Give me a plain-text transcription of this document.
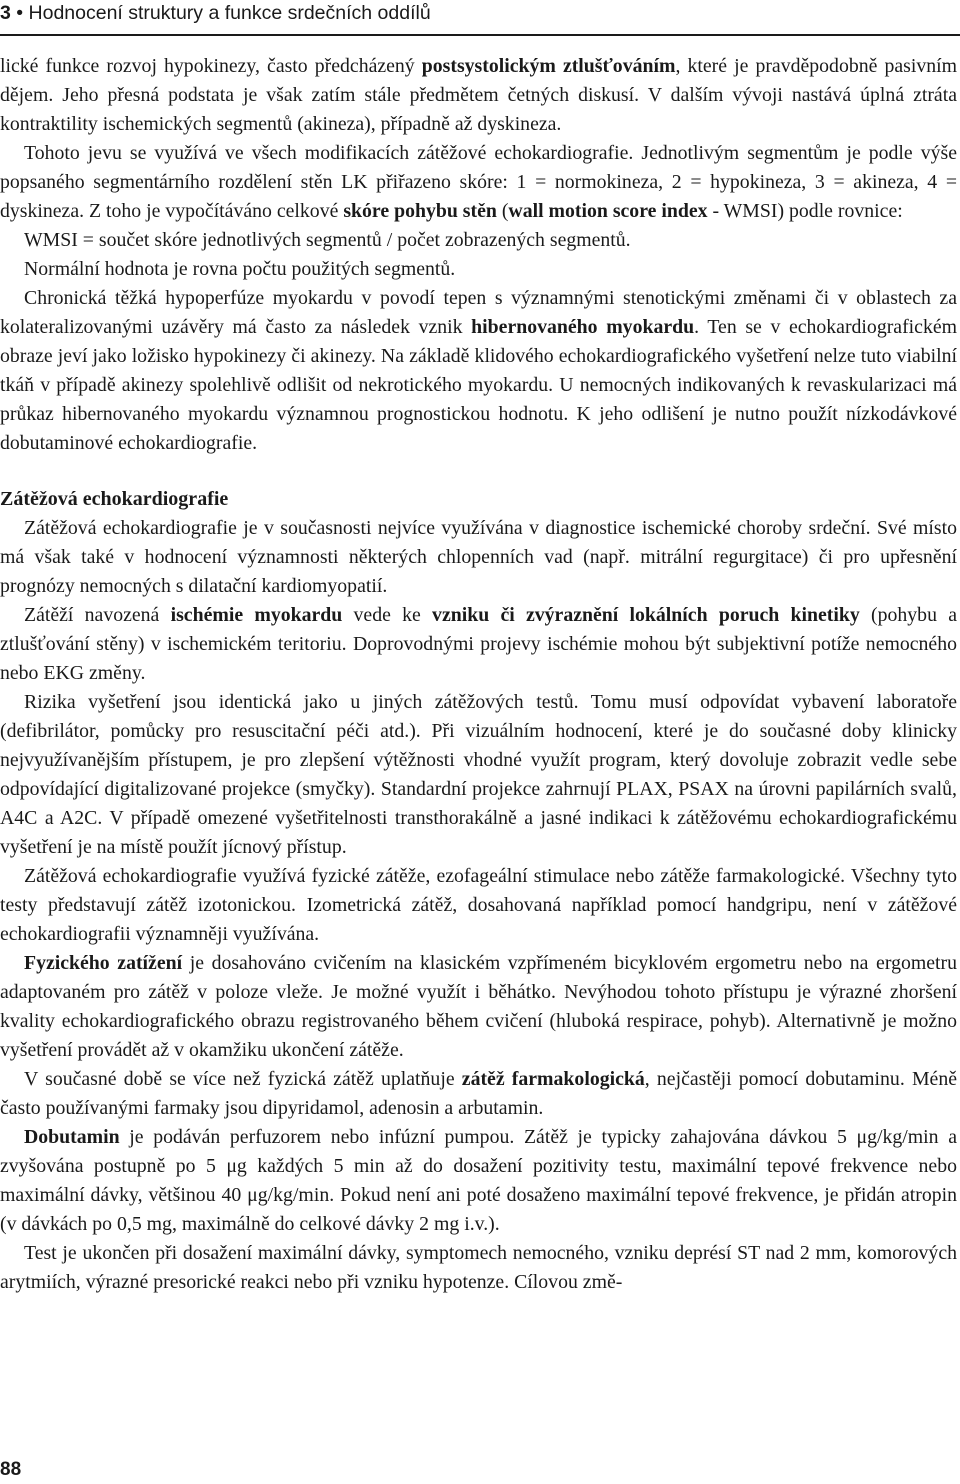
3 • Hodnocení struktury a funkce srdečních oddílů

lické funkce rozvoj hypokinezy, často předcházený postsystolickým ztlušťováním, které je pravděpodobně pasivním dějem. Jeho přesná podstata je však zatím stále předmětem četných diskusí. V dalším vývoji nastává úplná ztráta kontraktility ischemických segmentů (akineza), případně až dyskineza.

Tohoto jevu se využívá ve všech modifikacích zátěžové echokardiografie. Jednotlivým segmentům je podle výše popsaného segmentárního rozdělení stěn LK přiřazeno skóre: 1 = normokineza, 2 = hypokineza, 3 = akineza, 4 = dyskineza. Z toho je vypočítáváno celkové skóre pohybu stěn (wall motion score index - WMSI) podle rovnice:

WMSI = součet skóre jednotlivých segmentů / počet zobrazených segmentů.

Normální hodnota je rovna počtu použitých segmentů.

Chronická těžká hypoperfúze myokardu v povodí tepen s významnými stenotickými změnami či v oblastech za kolateralizovanými uzávěry má často za následek vznik hibernovaného myokardu. Ten se v echokardiografickém obraze jeví jako ložisko hypokinezy či akinezy. Na základě klidového echokardiografického vyšetření nelze tuto viabilní tkáň v případě akinezy spolehlivě odlišit od nekrotického myokardu. U nemocných indikovaných k revaskularizaci má průkaz hibernovaného myokardu významnou prognostickou hodnotu. K jeho odlišení je nutno použít nízkodávkové dobutaminové echokardiografie.

Zátěžová echokardiografie

Zátěžová echokardiografie je v současnosti nejvíce využívána v diagnostice ischemické choroby srdeční. Své místo má však také v hodnocení významnosti některých chlopenních vad (např. mitrální regurgitace) či pro upřesnění prognózy nemocných s dilatační kardiomyopatií.

Zátěží navozená ischémie myokardu vede ke vzniku či zvýraznění lokálních poruch kinetiky (pohybu a ztlušťování stěny) v ischemickém teritoriu. Doprovodnými projevy ischémie mohou být subjektivní potíže nemocného nebo EKG změny.

Rizika vyšetření jsou identická jako u jiných zátěžových testů. Tomu musí odpovídat vybavení laboratoře (defibrilátor, pomůcky pro resuscitační péči atd.). Při vizuálním hodnocení, které je do současné doby klinicky nejvyužívanějším přístupem, je pro zlepšení výtěžnosti vhodné využít program, který dovoluje zobrazit vedle sebe odpovídající digitalizované projekce (smyčky). Standardní projekce zahrnují PLAX, PSAX na úrovni papilárních svalů, A4C a A2C. V případě omezené vyšetřitelnosti transthorakálně a jasné indikaci k zátěžovému echokardiografickému vyšetření je na místě použít jícnový přístup.

Zátěžová echokardiografie využívá fyzické zátěže, ezofageální stimulace nebo zátěže farmakologické. Všechny tyto testy představují zátěž izotonickou. Izometrická zátěž, dosahovaná například pomocí handgripu, není v zátěžové echokardiografii významněji využívána.

Fyzického zatížení je dosahováno cvičením na klasickém vzpřímeném bicyklovém ergometru nebo na ergometru adaptovaném pro zátěž v poloze vleže. Je možné využít i běhátko. Nevýhodou tohoto přístupu je výrazné zhoršení kvality echokardiografického obrazu registrovaného během cvičení (hluboká respirace, pohyb). Alternativně je možno vyšetření provádět až v okamžiku ukončení zátěže.

V současné době se více než fyzická zátěž uplatňuje zátěž farmakologická, nejčastěji pomocí dobutaminu. Méně často používanými farmaky jsou dipyridamol, adenosin a arbutamin.

Dobutamin je podáván perfuzorem nebo infúzní pumpou. Zátěž je typicky zahajována dávkou 5 μg/kg/min a zvyšována postupně po 5 μg každých 5 min až do dosažení pozitivity testu, maximální tepové frekvence nebo maximální dávky, většinou 40 μg/kg/min. Pokud není ani poté dosaženo maximální tepové frekvence, je přidán atropin (v dávkách po 0,5 mg, maximálně do celkové dávky 2 mg i.v.).

Test je ukončen při dosažení maximální dávky, symptomech nemocného, vzniku deprésí ST nad 2 mm, komorových arytmiích, výrazné presorické reakci nebo při vzniku hypotenze. Cílovou změ-

88
